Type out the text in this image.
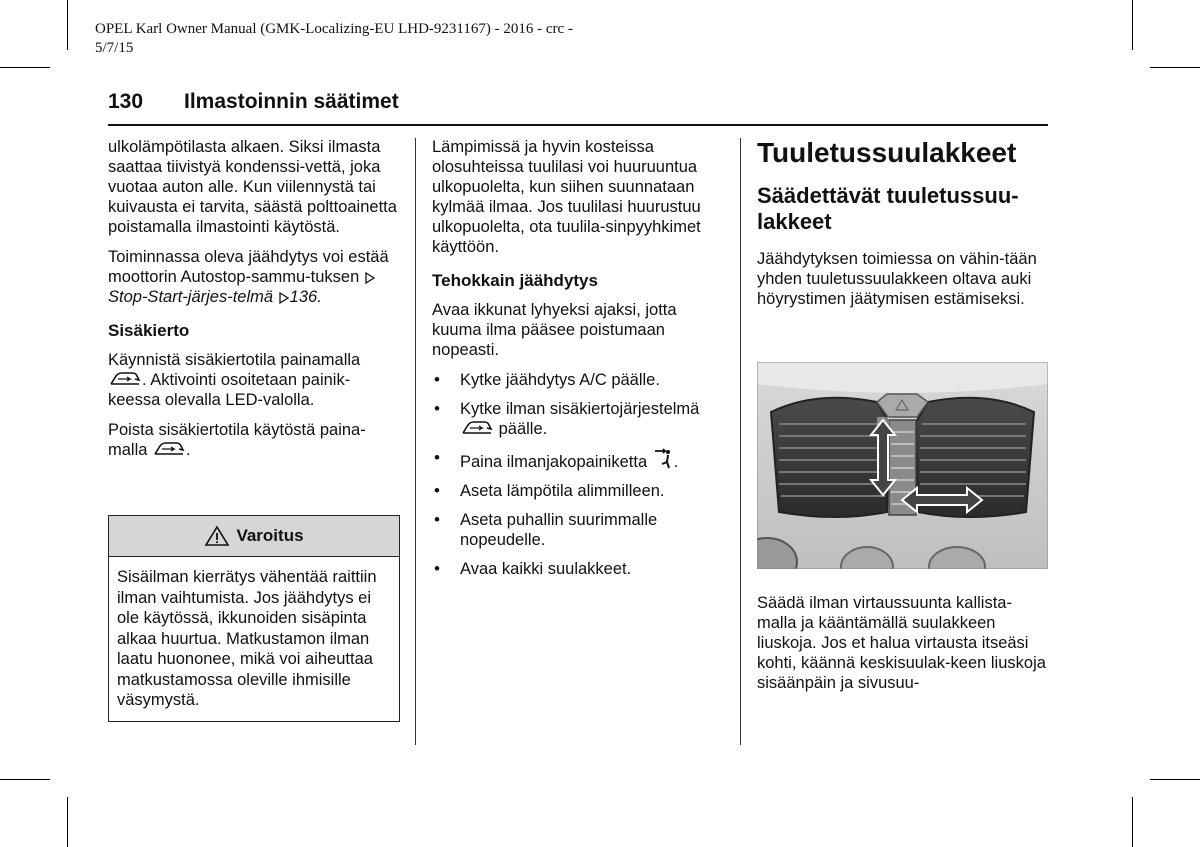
OPEL Karl Owner Manual (GMK-Localizing-EU LHD-9231167) - 2016 - crc -
5/7/15
130 Ilmastoinnin säätimet

ulkolämpötilasta alkaen. Siksi ilmasta saattaa tiivistyä kondenssi-vettä, joka vuotaa auton alle. Kun viilennystä tai kuivausta ei tarvita, säästä polttoainetta poistamalla ilmastointi käytöstä.

Toiminnassa oleva jäähdytys voi estää moottorin Autostop-sammu-tuksen  Stop-Start-järjes-telmä 136.

Sisäkierto

Käynnistä sisäkiertotila painamalla . Aktivointi osoitetaan painik-keessa olevalla LED-valolla.

Poista sisäkiertotila käytöstä paina-malla .

Varoitus
Sisäilman kierrätys vähentää raittiin ilman vaihtumista. Jos jäähdytys ei ole käytössä, ikkunoiden sisäpinta alkaa huurtua. Matkustamon ilman laatu huononee, mikä voi aiheuttaa matkustamossa oleville ihmisille väsymystä.

Lämpimissä ja hyvin kosteissa olosuhteissa tuulilasi voi huuruuntua ulkopuolelta, kun siihen suunnataan kylmää ilmaa. Jos tuulilasi huurustuu ulkopuolelta, ota tuulila-sinpyyhkimet käyttöön.

Tehokkain jäähdytys

Avaa ikkunat lyhyeksi ajaksi, jotta kuuma ilma pääsee poistumaan nopeasti.

• Kytke jäähdytys A/C päälle.
• Kytke ilman sisäkiertojärjestelmä
päälle.
• Paina ilmanjakopainiketta .
• Aseta lämpötila alimmilleen.
• Aseta puhallin suurimmalle nopeudelle.
• Avaa kaikki suulakkeet.
Tuuletussuulakkeet
Säädettävät tuuletussuu-lakkeet

Jäähdytyksen toimiessa on vähin-tään yhden tuuletussuulakkeen oltava auki höyrystimen jäätymisen estämiseksi.

Säädä ilman virtaussuunta kallista-malla ja kääntämällä suulakkeen liuskoja. Jos et halua virtausta itseäsi kohti, käännä keskisuulak-keen liuskoja sisäänpäin ja sivusuu-
